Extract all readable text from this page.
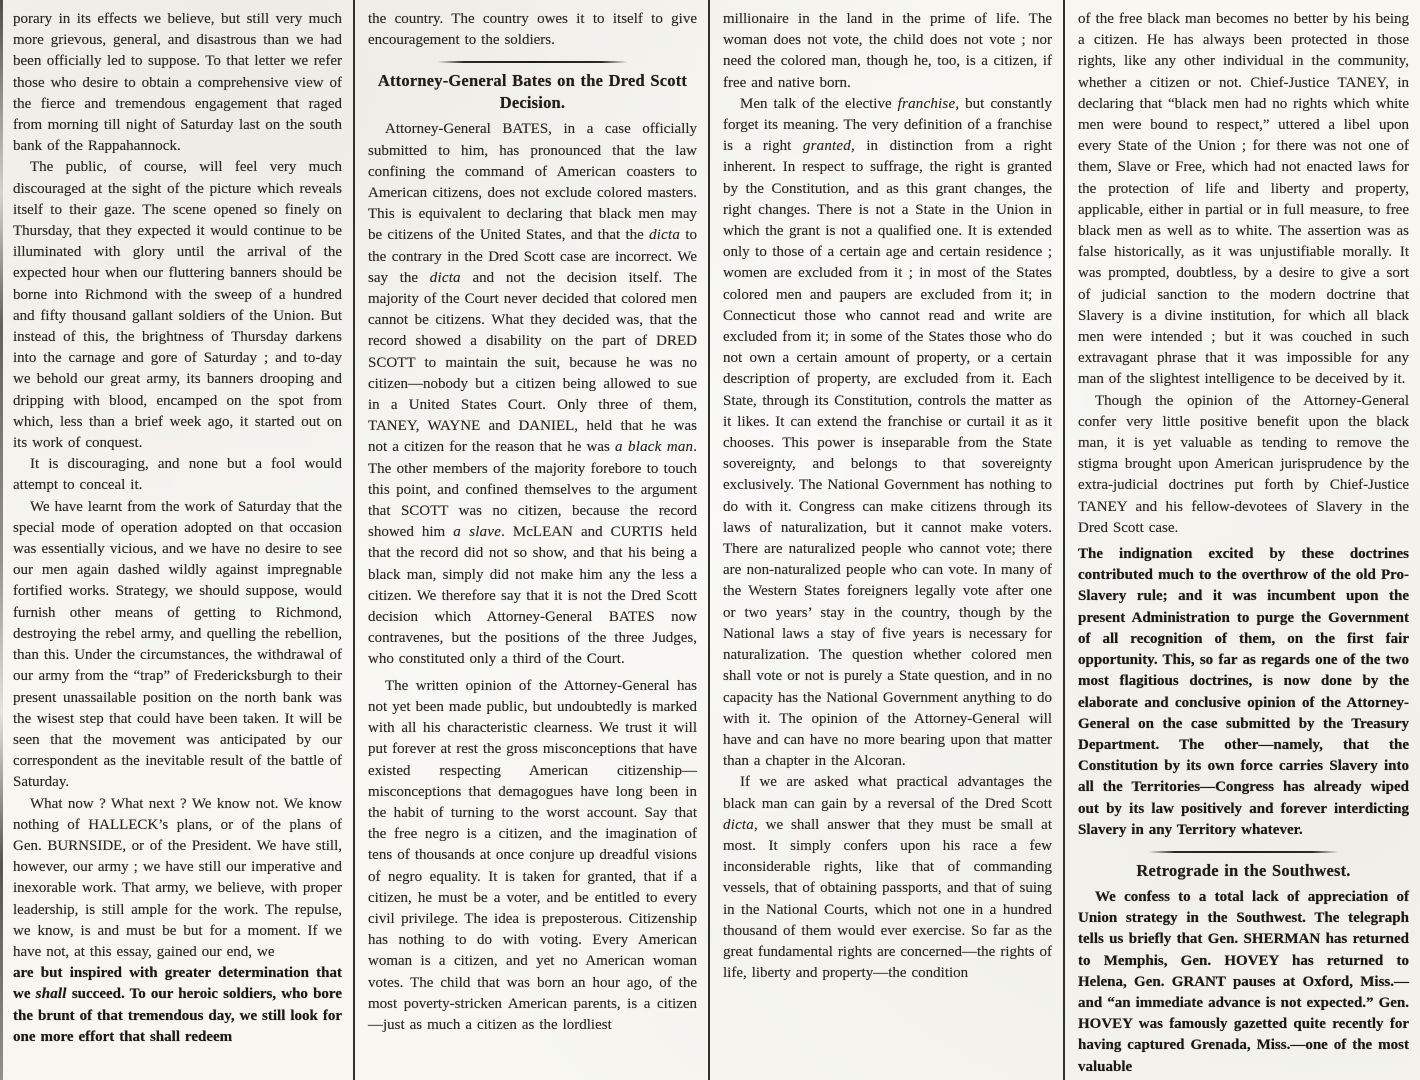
porary in its effects we believe, but still very much more grievous, general, and disastrous than we had been officially led to suppose. To that letter we refer those who desire to obtain a comprehensive view of the fierce and tremendous engagement that raged from morning till night of Saturday last on the south bank of the Rappahannock.

The public, of course, will feel very much discouraged at the sight of the picture which reveals itself to their gaze. The scene opened so finely on Thursday, that they expected it would continue to be illuminated with glory until the arrival of the expected hour when our fluttering banners should be borne into Richmond with the sweep of a hundred and fifty thousand gallant soldiers of the Union. But instead of this, the brightness of Thursday darkens into the carnage and gore of Saturday ; and to-day we behold our great army, its banners drooping and dripping with blood, encamped on the spot from which, less than a brief week ago, it started out on its work of conquest.

It is discouraging, and none but a fool would attempt to conceal it.

We have learnt from the work of Saturday that the special mode of operation adopted on that occasion was essentially vicious, and we have no desire to see our men again dashed wildly against impregnable fortified works. Strategy, we should suppose, would furnish other means of getting to Richmond, destroying the rebel army, and quelling the rebellion, than this. Under the circumstances, the withdrawal of our army from the “trap” of Fredericksburgh to their present unassailable position on the north bank was the wisest step that could have been taken. It will be seen that the movement was anticipated by our correspondent as the inevitable result of the battle of Saturday.

What now ? What next ? We know not. We know nothing of HALLECK’s plans, or of the plans of Gen. BURNSIDE, or of the President. We have still, however, our army ; we have still our imperative and inexorable work. That army, we believe, with proper leadership, is still ample for the work. The repulse, we know, is and must be but for a moment. If we have not, at this essay, gained our end, we

are but inspired with greater determination that we shall succeed. To our heroic soldiers, who bore the brunt of that tremendous day, we still look for one more effort that shall redeem

the country. The country owes it to itself to give encouragement to the soldiers.

Attorney-General Bates on the Dred Scott Decision.

Attorney-General BATES, in a case officially submitted to him, has pronounced that the law confining the command of American coasters to American citizens, does not exclude colored masters. This is equivalent to declaring that black men may be citizens of the United States, and that the dicta to the contrary in the Dred Scott case are incorrect. We say the dicta and not the decision itself. The majority of the Court never decided that colored men cannot be citizens. What they decided was, that the record showed a disability on the part of DRED SCOTT to maintain the suit, because he was no citizen—nobody but a citizen being allowed to sue in a United States Court. Only three of them, TANEY, WAYNE and DANIEL, held that he was not a citizen for the reason that he was a black man. The other members of the majority forebore to touch this point, and confined themselves to the argument that SCOTT was no citizen, because the record showed him a slave. McLEAN and CURTIS held that the record did not so show, and that his being a black man, simply did not make him any the less a citizen. We therefore say that it is not the Dred Scott decision which Attorney-General BATES now contravenes, but the positions of the three Judges, who constituted only a third of the Court.

The written opinion of the Attorney-General has not yet been made public, but undoubtedly is marked with all his characteristic clearness. We trust it will put forever at rest the gross misconceptions that have existed respecting American citizenship—misconceptions that demagogues have long been in the habit of turning to the worst account. Say that the free negro is a citizen, and the imagination of tens of thousands at once conjure up dreadful visions of negro equality. It is taken for granted, that if a citizen, he must be a voter, and be entitled to every civil privilege. The idea is preposterous. Citizenship has nothing to do with voting. Every American woman is a citizen, and yet no American woman votes. The child that was born an hour ago, of the most poverty-stricken American parents, is a citizen—just as much a citizen as the lordliest

millionaire in the land in the prime of life. The woman does not vote, the child does not vote ; nor need the colored man, though he, too, is a citizen, if free and native born.

Men talk of the elective franchise, but constantly forget its meaning. The very definition of a franchise is a right granted, in distinction from a right inherent. In respect to suffrage, the right is granted by the Constitution, and as this grant changes, the right changes. There is not a State in the Union in which the grant is not a qualified one. It is extended only to those of a certain age and certain residence ; women are excluded from it ; in most of the States colored men and paupers are excluded from it; in Connecticut those who cannot read and write are excluded from it; in some of the States those who do not own a certain amount of property, or a certain description of property, are excluded from it. Each State, through its Constitution, controls the matter as it likes. It can extend the franchise or curtail it as it chooses. This power is inseparable from the State sovereignty, and belongs to that sovereignty exclusively. The National Government has nothing to do with it. Congress can make citizens through its laws of naturalization, but it cannot make voters. There are naturalized people who cannot vote; there are non-naturalized people who can vote. In many of the Western States foreigners legally vote after one or two years’ stay in the country, though by the National laws a stay of five years is necessary for naturalization. The question whether colored men shall vote or not is purely a State question, and in no capacity has the National Government anything to do with it. The opinion of the Attorney-General will have and can have no more bearing upon that matter than a chapter in the Alcoran.

If we are asked what practical advantages the black man can gain by a reversal of the Dred Scott dicta, we shall answer that they must be small at most. It simply confers upon his race a few inconsiderable rights, like that of commanding vessels, that of obtaining passports, and that of suing in the National Courts, which not one in a hundred thousand of them would ever exercise. So far as the great fundamental rights are concerned—the rights of life, liberty and property—the condition

of the free black man becomes no better by his being a citizen. He has always been protected in those rights, like any other individual in the community, whether a citizen or not. Chief-Justice TANEY, in declaring that “black men had no rights which white men were bound to respect,” uttered a libel upon every State of the Union ; for there was not one of them, Slave or Free, which had not enacted laws for the protection of life and liberty and property, applicable, either in partial or in full measure, to free black men as well as to white. The assertion was as false historically, as it was unjustifiable morally. It was prompted, doubtless, by a desire to give a sort of judicial sanction to the modern doctrine that Slavery is a divine institution, for which all black men were intended ; but it was couched in such extravagant phrase that it was impossible for any man of the slightest intelligence to be deceived by it.

Though the opinion of the Attorney-General confer very little positive benefit upon the black man, it is yet valuable as tending to remove the stigma brought upon American jurisprudence by the extra-judicial doctrines put forth by Chief-Justice TANEY and his fellow-devotees of Slavery in the Dred Scott case.

The indignation excited by these doctrines contributed much to the overthrow of the old Pro-Slavery rule; and it was incumbent upon the present Administration to purge the Government of all recognition of them, on the first fair opportunity. This, so far as regards one of the two most flagitious doctrines, is now done by the elaborate and conclusive opinion of the Attorney-General on the case submitted by the Treasury Department. The other—namely, that the Constitution by its own force carries Slavery into all the Territories—Congress has already wiped out by its law positively and forever interdicting Slavery in any Territory whatever.

Retrograde in the Southwest.

We confess to a total lack of appreciation of Union strategy in the Southwest. The telegraph tells us briefly that Gen. SHERMAN has returned to Memphis, Gen. HOVEY has returned to Helena, Gen. GRANT pauses at Oxford, Miss.—and “an immediate advance is not expected.” Gen. HOVEY was famously gazetted quite recently for having captured Grenada, Miss.—one of the most valuable
